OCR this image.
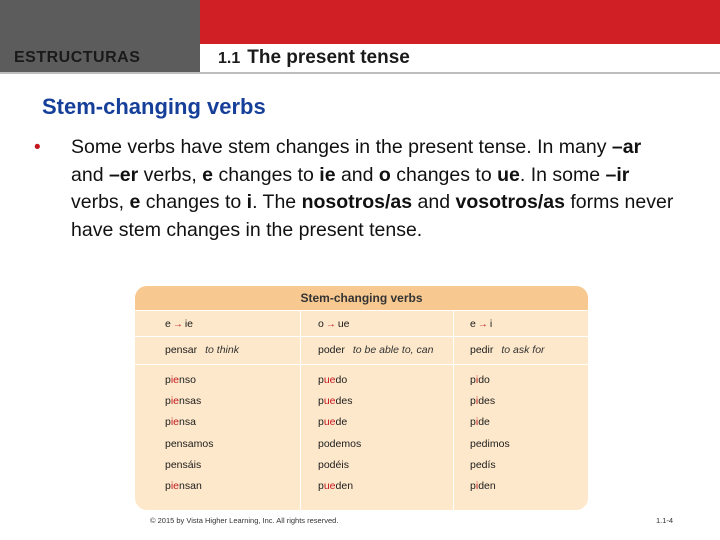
ESTRUCTURAS	1.1 The present tense
Stem-changing verbs
• Some verbs have stem changes in the present tense. In many –ar and –er verbs, e changes to ie and o changes to ue. In some –ir verbs, e changes to i. The nosotros/as and vosotros/as forms never have stem changes in the present tense.
Stem-changing verbs
e → ie
pensar to think
pienso
piensas
piensa
pensamos
pensáis
piensan
o → ue
poder to be able to, can
puedo
puedes
puede
podemos
podéis
pueden
e → i
pedir to ask for
pido
pides
pide
pedimos
pedís
piden
© 2015 by Vista Higher Learning, Inc. All rights reserved.	1.1-4
